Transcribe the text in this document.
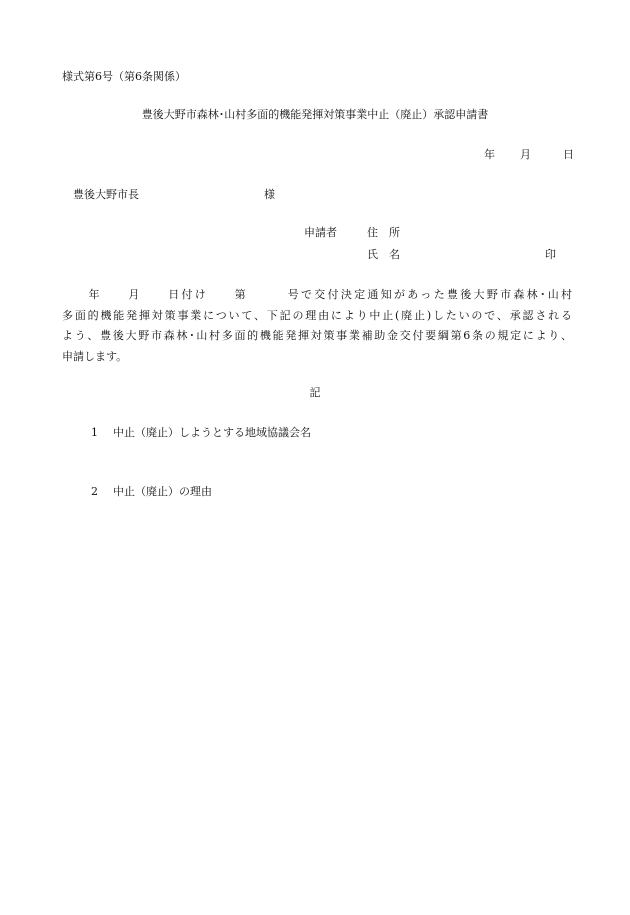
様式第6号（第6条関係）
豊後大野市森林･山村多面的機能発揮対策事業中止（廃止）承認申請書
年 月	日
豊後大野市長	様
申請者	住　所
氏　名	印
　　年　　月　　日付け　　第　　　号で交付決定通知があった豊後大野市森林･山村
多面的機能発揮対策事業について、下記の理由により中止(廃止)したいので、承認される
よう、豊後大野市森林･山村多面的機能発揮対策事業補助金交付要綱第6条の規定により、
申請します。
記
1 中止（廃止）しようとする地域協議会名
2 中止（廃止）の理由
